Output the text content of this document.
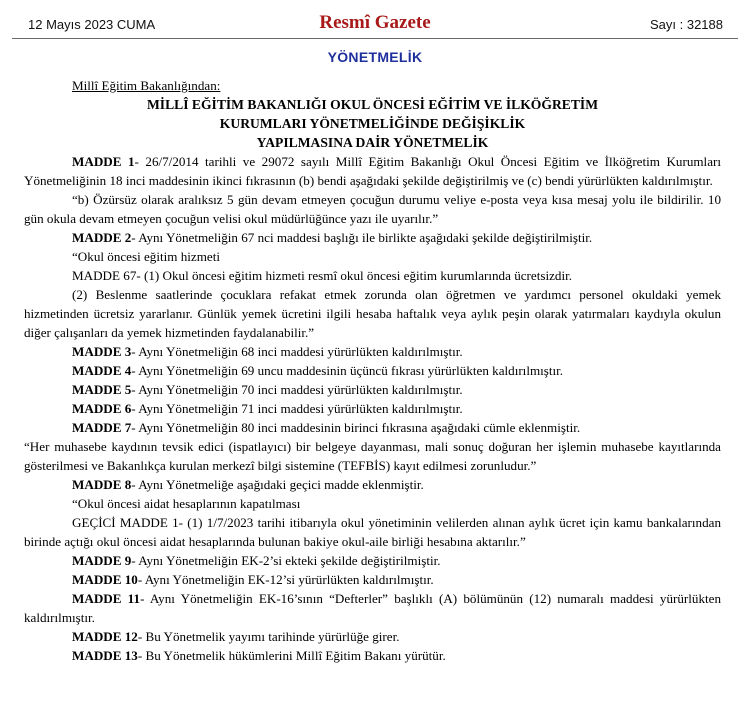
12 Mayıs 2023 CUMA	Resmî Gazete	Sayı : 32188
YÖNETMELİK

Millî Eğitim Bakanlığından:

MİLLÎ EĞİTİM BAKANLIĞI OKUL ÖNCESİ EĞİTİM VE İLKÖĞRETİM

KURUMLARI YÖNETMELİĞİNDE DEĞİŞİKLİK

YAPILMASINA DAİR YÖNETMELİK

MADDE 1- 26/7/2014 tarihli ve 29072 sayılı Millî Eğitim Bakanlığı Okul Öncesi Eğitim ve İlköğretim Kurumları Yönetmeliğinin 18 inci maddesinin ikinci fıkrasının (b) bendi aşağıdaki şekilde değiştirilmiş ve (c) bendi yürürlükten kaldırılmıştır.

“b) Özürsüz olarak aralıksız 5 gün devam etmeyen çocuğun durumu veliye e-posta veya kısa mesaj yolu ile bildirilir. 10 gün okula devam etmeyen çocuğun velisi okul müdürlüğünce yazı ile uyarılır.”

MADDE 2- Aynı Yönetmeliğin 67 nci maddesi başlığı ile birlikte aşağıdaki şekilde değiştirilmiştir.

“Okul öncesi eğitim hizmeti

MADDE 67- (1) Okul öncesi eğitim hizmeti resmî okul öncesi eğitim kurumlarında ücretsizdir.

(2) Beslenme saatlerinde çocuklara refakat etmek zorunda olan öğretmen ve yardımcı personel okuldaki yemek hizmetinden ücretsiz yararlanır. Günlük yemek ücretini ilgili hesaba haftalık veya aylık peşin olarak yatırmaları kaydıyla okulun diğer çalışanları da yemek hizmetinden faydalanabilir.”

MADDE 3- Aynı Yönetmeliğin 68 inci maddesi yürürlükten kaldırılmıştır.

MADDE 4- Aynı Yönetmeliğin 69 uncu maddesinin üçüncü fıkrası yürürlükten kaldırılmıştır.

MADDE 5- Aynı Yönetmeliğin 70 inci maddesi yürürlükten kaldırılmıştır.

MADDE 6- Aynı Yönetmeliğin 71 inci maddesi yürürlükten kaldırılmıştır.

MADDE 7- Aynı Yönetmeliğin 80 inci maddesinin birinci fıkrasına aşağıdaki cümle eklenmiştir.

“Her muhasebe kaydının tevsik edici (ispatlayıcı) bir belgeye dayanması, mali sonuç doğuran her işlemin muhasebe kayıtlarında gösterilmesi ve Bakanlıkça kurulan merkezî bilgi sistemine (TEFBİS) kayıt edilmesi zorunludur.”

MADDE 8- Aynı Yönetmeliğe aşağıdaki geçici madde eklenmiştir.

“Okul öncesi aidat hesaplarının kapatılması

GEÇİCİ MADDE 1- (1) 1/7/2023 tarihi itibarıyla okul yönetiminin velilerden alınan aylık ücret için kamu bankalarından birinde açtığı okul öncesi aidat hesaplarında bulunan bakiye okul-aile birliği hesabına aktarılır.”

MADDE 9- Aynı Yönetmeliğin EK-2’si ekteki şekilde değiştirilmiştir.

MADDE 10- Aynı Yönetmeliğin EK-12’si yürürlükten kaldırılmıştır.

MADDE 11- Aynı Yönetmeliğin EK-16’sının “Defterler” başlıklı (A) bölümünün (12) numaralı maddesi yürürlükten kaldırılmıştır.

MADDE 12- Bu Yönetmelik yayımı tarihinde yürürlüğe girer.

MADDE 13- Bu Yönetmelik hükümlerini Millî Eğitim Bakanı yürütür.
